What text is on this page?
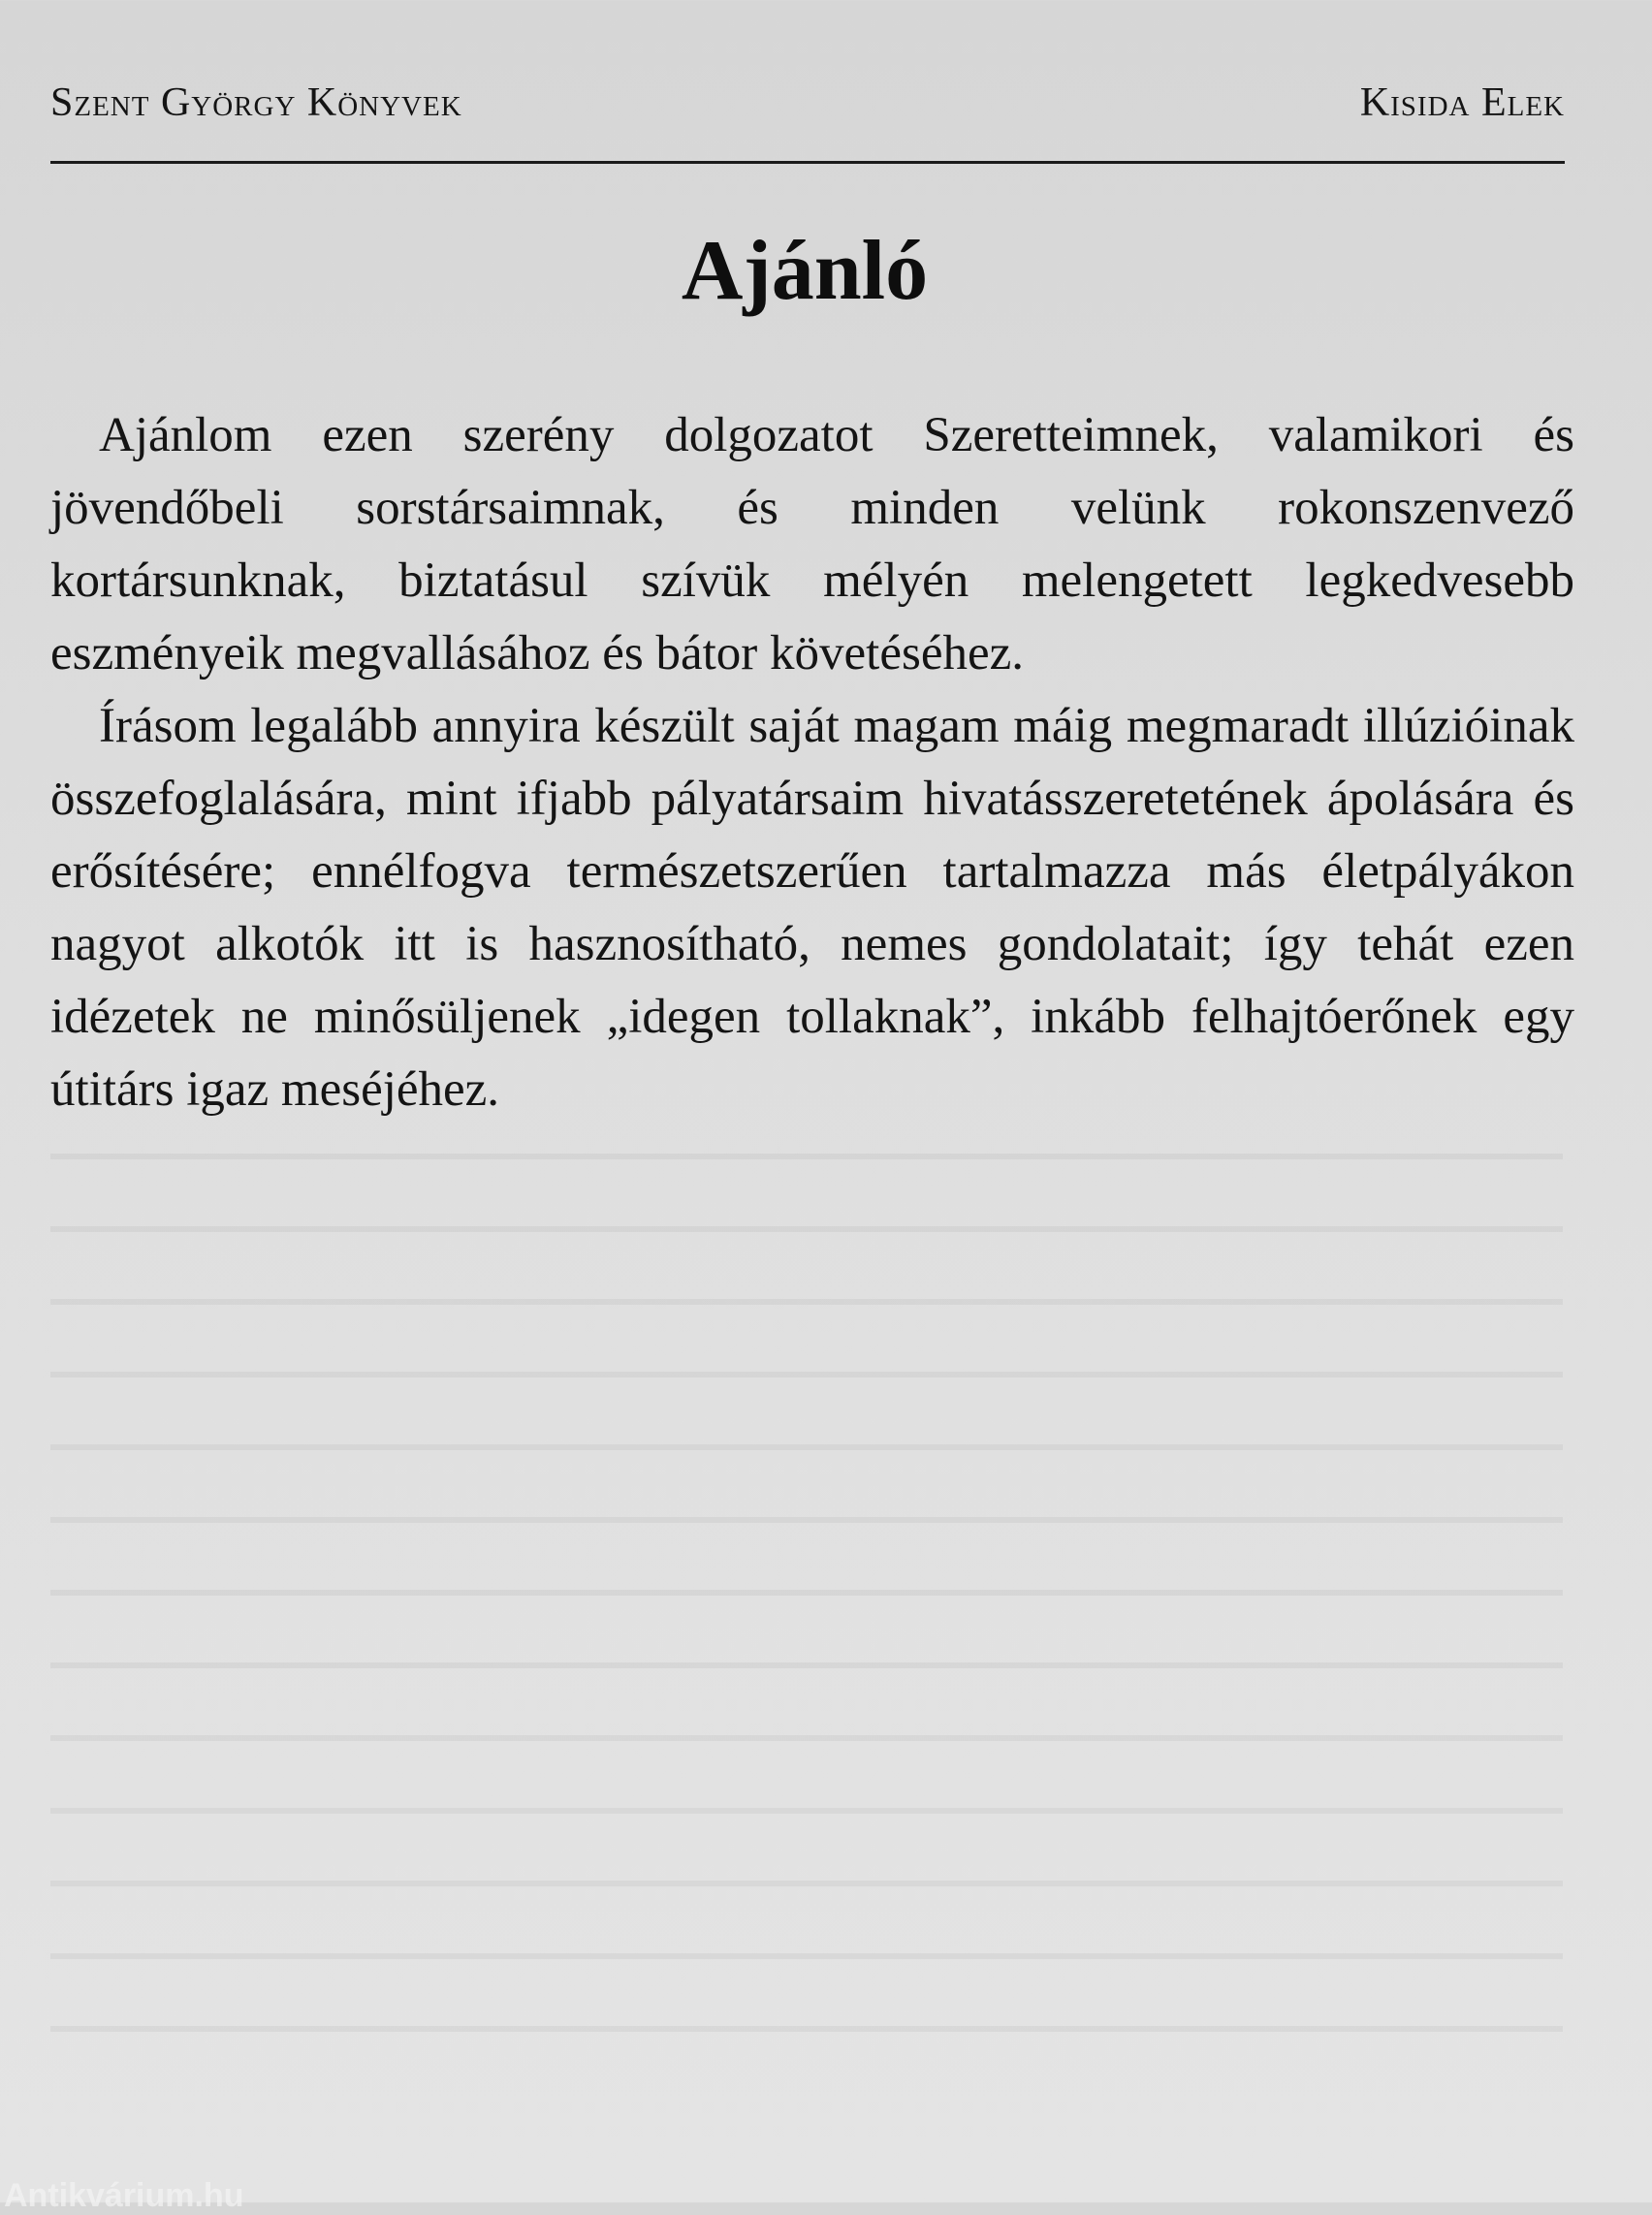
Szent György Könyvek	Kisida Elek
Ajánló

Ajánlom ezen szerény dolgozatot Szeretteimnek, valamikori és jövendőbeli sorstársaimnak, és minden velünk rokonszenvező kortársunknak, biztatásul szívük mélyén melengetett legkedvesebb eszményeik megvallásához és bátor követéséhez.

Írásom legalább annyira készült saját magam máig megmaradt illúzióinak összefoglalására, mint ifjabb pályatársaim hivatásszeretetének ápolására és erősítésére; ennélfogva természetszerűen tartalmazza más életpályákon nagyot alkotók itt is hasznosítható, nemes gondolatait; így tehát ezen idézetek ne minősüljenek „idegen tollaknak”, inkább felhajtóerőnek egy útitárs igaz meséjéhez.

Antikvárium.hu
